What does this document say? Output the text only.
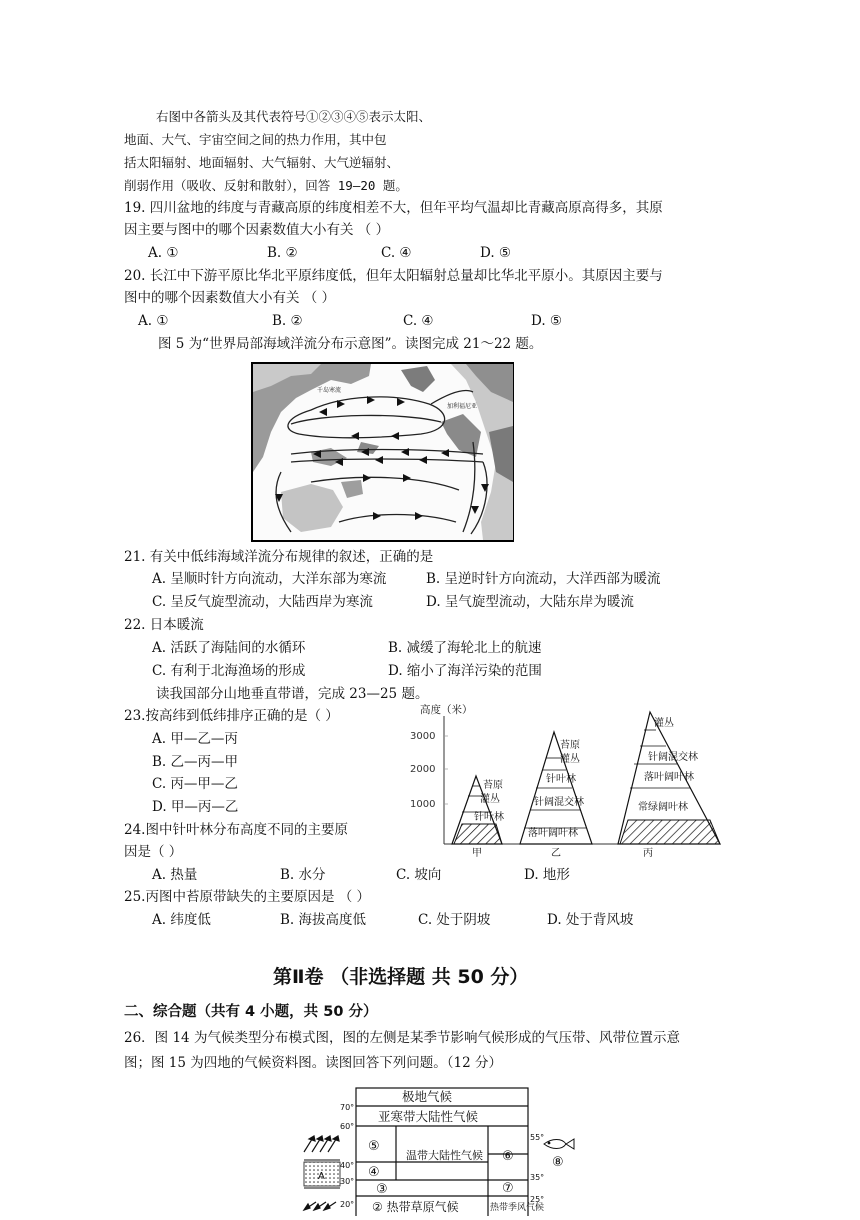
右图中各箭头及其代表符号①②③④⑤表示太阳、
地面、大气、宇宙空间之间的热力作用，其中包
括太阳辐射、地面辐射、大气辐射、大气逆辐射、
削弱作用（吸收、反射和散射），回答 19—20 题。
19. 四川盆地的纬度与青藏高原的纬度相差不大，但年平均气温却比青藏高原高得多，其原
因主要与图中的哪个因素数值大小有关 （ ）
A. ①	B. ②	C. ④	D. ⑤
20. 长江中下游平原比华北平原纬度低，但年太阳辐射总量却比华北平原小。其原因主要与
图中的哪个因素数值大小有关 （ ）
A. ①	B. ②	C. ④	D. ⑤
图 5 为“世界局部海域洋流分布示意图”。读图完成 21～22 题。
千岛寒流
加利福尼亚
21. 有关中低纬海域洋流分布规律的叙述，正确的是
A. 呈顺时针方向流动，大洋东部为寒流	B. 呈逆时针方向流动，大洋西部为暖流
C. 呈反气旋型流动，大陆西岸为寒流	D. 呈气旋型流动，大陆东岸为暖流
22. 日本暖流
A. 活跃了海陆间的水循环	B. 减缓了海轮北上的航速
C. 有利于北海渔场的形成	D. 缩小了海洋污染的范围
读我国部分山地垂直带谱，完成 23—25 题。
23.按高纬到低纬排序正确的是（ ）
A. 甲—乙—丙
B. 乙—丙—甲
C. 丙—甲—乙
D. 甲—丙—乙
24.图中针叶林分布高度不同的主要原
因是（ ）
A. 热量	B. 水分	C. 坡向	D. 地形
25.丙图中苔原带缺失的主要原因是 （ ）
A. 纬度低	B. 海拔高度低	C. 处于阴坡	D. 处于背风坡
高度（米）
3000
2000
1000
苔原
灌丛
针叶林
苔原
灌丛
针叶林
针阔混交林
落叶阔叶林
灌丛
针阔混交林
落叶阔叶林
常绿阔叶林
甲	乙	丙
第Ⅱ卷 （非选择题 共 50 分）
二、综合题（共有 4 小题，共 50 分）
26．图 14 为气候类型分布模式图，图的左侧是某季节影响气候形成的气压带、风带位置示意
图；图 15 为四地的气候资料图。读图回答下列问题。（12 分）
极地气候
亚寒带大陆性气候
温带大陆性气候
② 热带草原气候	热带季风气候
⑤
④
③
⑥
⑦
⑧
70°
60°
40°
30°
20°
55°
35°
25°
A
